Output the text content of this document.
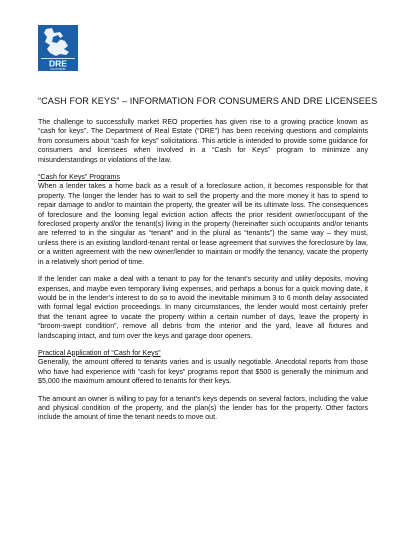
DRE
CALIFORNIA
“CASH FOR KEYS” – INFORMATION FOR CONSUMERS AND DRE LICENSEES

The challenge to successfully market REO properties has given rise to a growing practice known as “cash for keys”. The Department of Real Estate (“DRE”) has been receiving questions and complaints from consumers about “cash for keys” solicitations. This article is intended to provide some guidance for consumers and licensees when involved in a “Cash for Keys” program to minimize any misunderstandings or violations of the law.

“Cash for Keys” Programs
When a lender takes a home back as a result of a foreclosure action, it becomes responsible for that property. The longer the lender has to wait to sell the property and the more money it has to spend to repair damage to and/or to maintain the property, the greater will be its ultimate loss. The consequences of foreclosure and the looming legal eviction action affects the prior resident owner/occupant of the foreclosed property and/or the tenant(s) living in the property (hereinafter such occupants and/or tenants are referred to in the singular as “tenant” and in the plural as “tenants”) the same way – they must, unless there is an existing landlord-tenant rental or lease agreement that survives the foreclosure by law, or a written agreement with the new owner/lender to maintain or modify the tenancy, vacate the property in a relatively short period of time.

If the lender can make a deal with a tenant to pay for the tenant’s security and utility deposits, moving expenses, and maybe even temporary living expenses, and perhaps a bonus for a quick moving date, it would be in the lender’s interest to do so to avoid the inevitable minimum 3 to 6 month delay associated with formal legal eviction proceedings. In many circumstances, the lender would most certainly prefer that the tenant agree to vacate the property within a certain number of days, leave the property in “broom-swept condition”, remove all debris from the interior and the yard, leave all fixtures and landscaping intact, and turn over the keys and garage door openers.

Practical Application of “Cash for Keys”
Generally, the amount offered to tenants varies and is usually negotiable. Anecdotal reports from those who have had experience with “cash for keys” programs report that $500 is generally the minimum and $5,000 the maximum amount offered to tenants for their keys.

The amount an owner is willing to pay for a tenant’s keys depends on several factors, including the value and physical condition of the property, and the plan(s) the lender has for the property. Other factors include the amount of time the tenant needs to move out.
